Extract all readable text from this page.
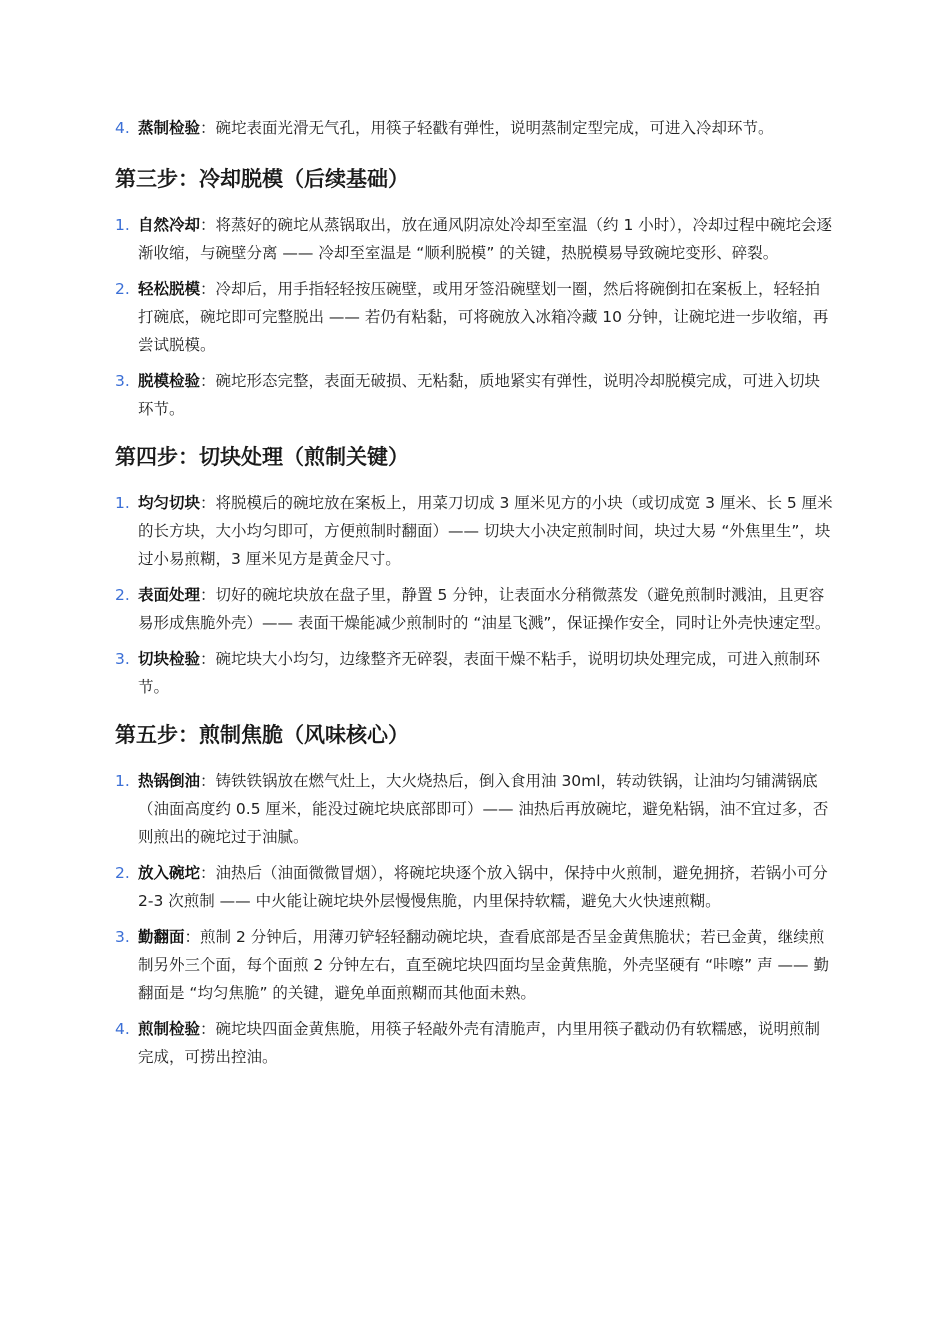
4. 蒸制检验：碗坨表面光滑无气孔，用筷子轻戳有弹性，说明蒸制定型完成，可进入冷却环节。
第三步：冷却脱模（后续基础）
1. 自然冷却：将蒸好的碗坨从蒸锅取出，放在通风阴凉处冷却至室温（约 1 小时），冷却过程中碗坨会逐渐收缩，与碗壁分离 —— 冷却至室温是 “顺利脱模” 的关键，热脱模易导致碗坨变形、碎裂。
2. 轻松脱模：冷却后，用手指轻轻按压碗壁，或用牙签沿碗壁划一圈，然后将碗倒扣在案板上，轻轻拍打碗底，碗坨即可完整脱出 —— 若仍有粘黏，可将碗放入冰箱冷藏 10 分钟，让碗坨进一步收缩，再尝试脱模。
3. 脱模检验：碗坨形态完整，表面无破损、无粘黏，质地紧实有弹性，说明冷却脱模完成，可进入切块环节。
第四步：切块处理（煎制关键）
1. 均匀切块：将脱模后的碗坨放在案板上，用菜刀切成 3 厘米见方的小块（或切成宽 3 厘米、长 5 厘米的长方块，大小均匀即可，方便煎制时翻面）—— 切块大小决定煎制时间，块过大易 “外焦里生”，块过小易煎糊，3 厘米见方是黄金尺寸。
2. 表面处理：切好的碗坨块放在盘子里，静置 5 分钟，让表面水分稍微蒸发（避免煎制时溅油，且更容易形成焦脆外壳）—— 表面干燥能减少煎制时的 “油星飞溅”，保证操作安全，同时让外壳快速定型。
3. 切块检验：碗坨块大小均匀，边缘整齐无碎裂，表面干燥不粘手，说明切块处理完成，可进入煎制环节。
第五步：煎制焦脆（风味核心）
1. 热锅倒油：铸铁铁锅放在燃气灶上，大火烧热后，倒入食用油 30ml，转动铁锅，让油均匀铺满锅底（油面高度约 0.5 厘米，能没过碗坨块底部即可）—— 油热后再放碗坨，避免粘锅，油不宜过多，否则煎出的碗坨过于油腻。
2. 放入碗坨：油热后（油面微微冒烟），将碗坨块逐个放入锅中，保持中火煎制，避免拥挤，若锅小可分 2-3 次煎制 —— 中火能让碗坨块外层慢慢焦脆，内里保持软糯，避免大火快速煎糊。
3. 勤翻面：煎制 2 分钟后，用薄刃铲轻轻翻动碗坨块，查看底部是否呈金黄焦脆状；若已金黄，继续煎制另外三个面，每个面煎 2 分钟左右，直至碗坨块四面均呈金黄焦脆，外壳坚硬有 “咔嚓” 声 —— 勤翻面是 “均匀焦脆” 的关键，避免单面煎糊而其他面未熟。
4. 煎制检验：碗坨块四面金黄焦脆，用筷子轻敲外壳有清脆声，内里用筷子戳动仍有软糯感，说明煎制完成，可捞出控油。
